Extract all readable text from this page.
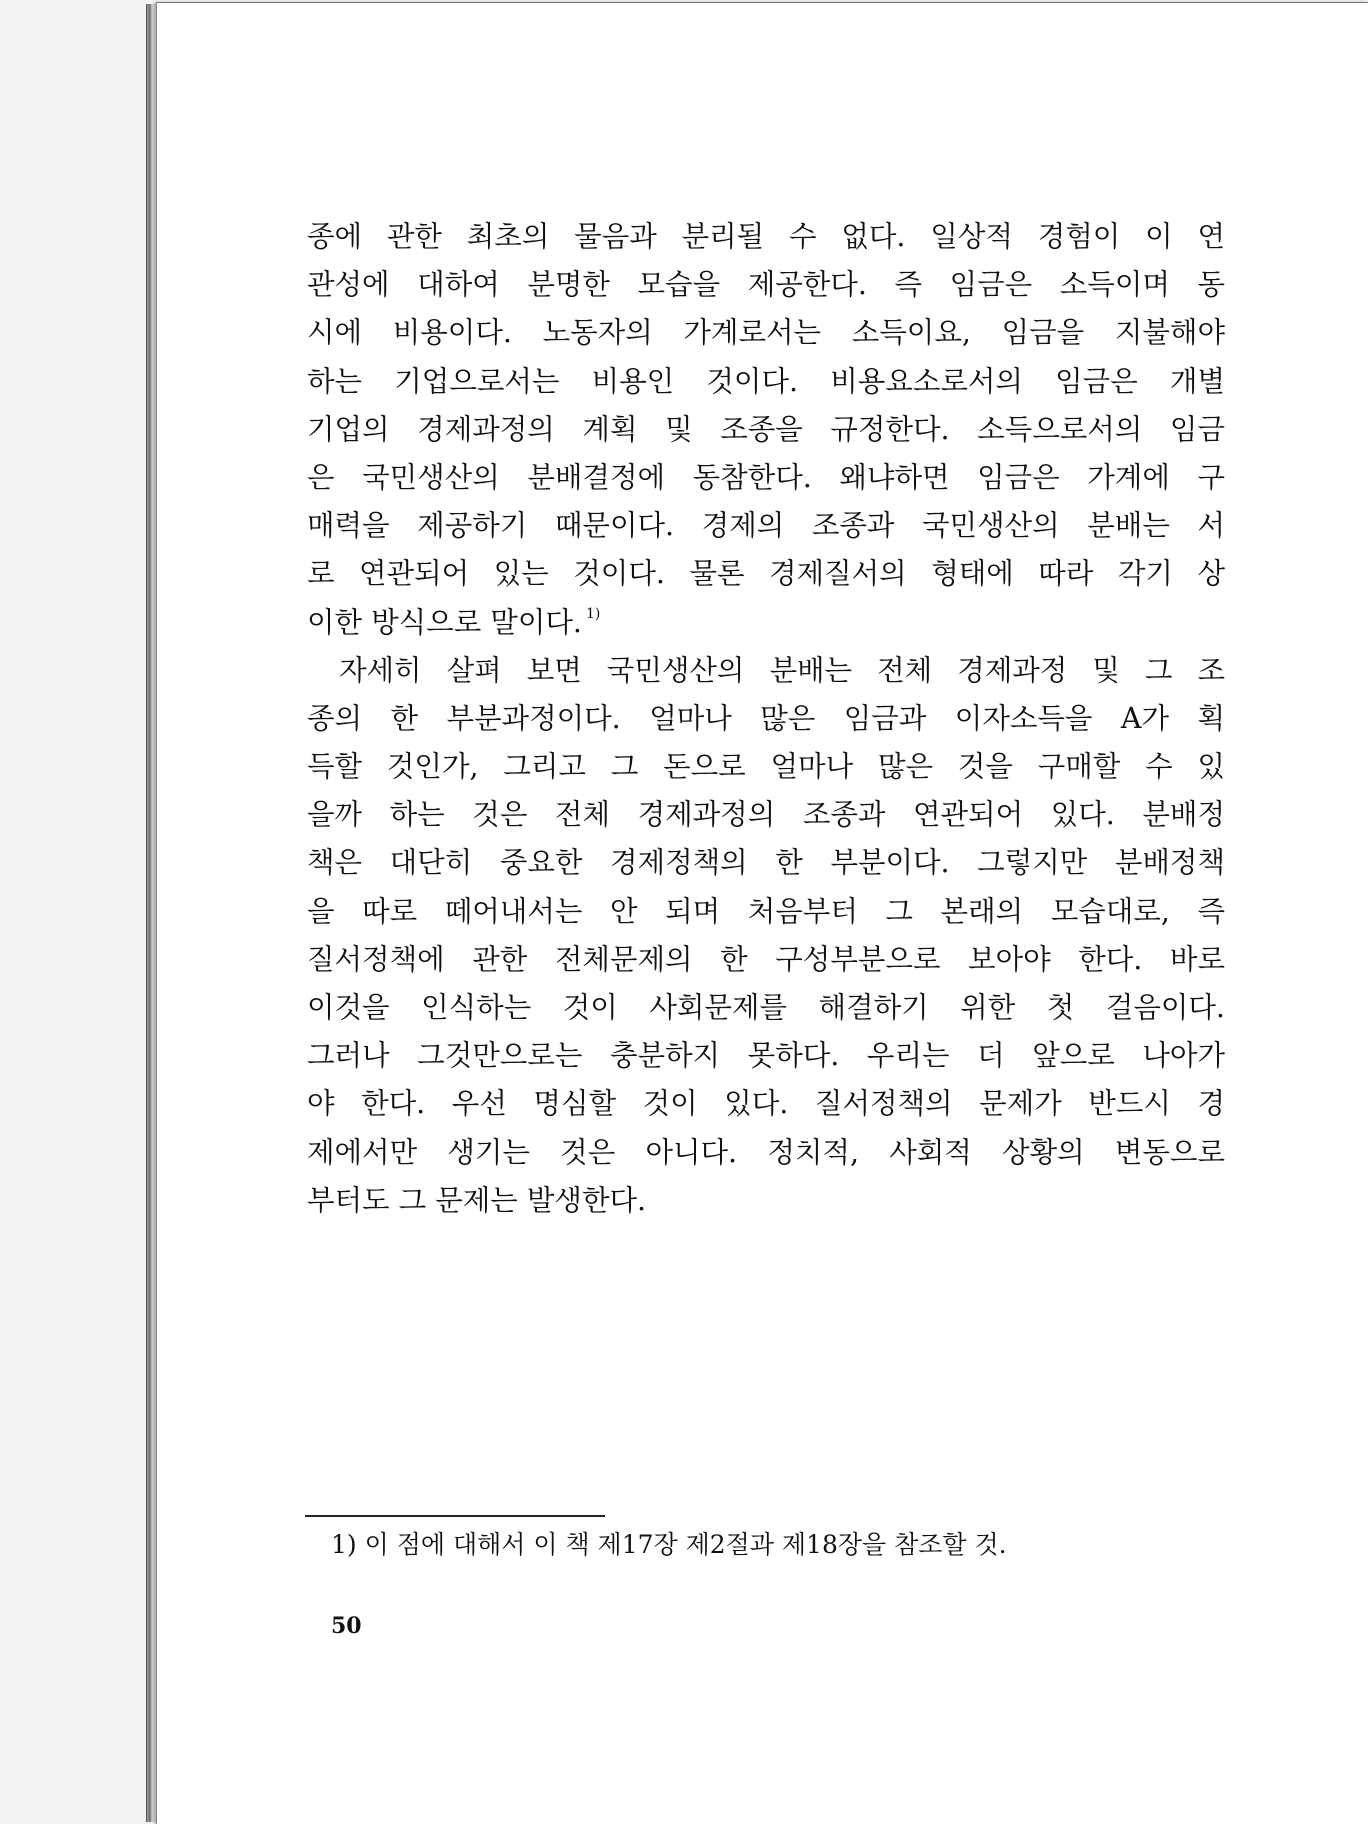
종에 관한 최초의 물음과 분리될 수 없다. 일상적 경험이 이 연
관성에 대하여 분명한 모습을 제공한다. 즉 임금은 소득이며 동
시에 비용이다. 노동자의 가계로서는 소득이요, 임금을 지불해야
하는 기업으로서는 비용인 것이다. 비용요소로서의 임금은 개별
기업의 경제과정의 계획 및 조종을 규정한다. 소득으로서의 임금
은 국민생산의 분배결정에 동참한다. 왜냐하면 임금은 가계에 구
매력을 제공하기 때문이다. 경제의 조종과 국민생산의 분배는 서
로 연관되어 있는 것이다. 물론 경제질서의 형태에 따라 각기 상
이한 방식으로 말이다. $^{1)}$
자세히 살펴 보면 국민생산의 분배는 전체 경제과정 및 그 조
종의 한 부분과정이다. 얼마나 많은 임금과 이자소득을 A가 획
득할 것인가, 그리고 그 돈으로 얼마나 많은 것을 구매할 수 있
을까 하는 것은 전체 경제과정의 조종과 연관되어 있다. 분배정
책은 대단히 중요한 경제정책의 한 부분이다. 그렇지만 분배정책
을 따로 떼어내서는 안 되며 처음부터 그 본래의 모습대로, 즉
질서정책에 관한 전체문제의 한 구성부분으로 보아야 한다. 바로
이것을 인식하는 것이 사회문제를 해결하기 위한 첫 걸음이다.
그러나 그것만으로는 충분하지 못하다. 우리는 더 앞으로 나아가
야 한다. 우선 명심할 것이 있다. 질서정책의 문제가 반드시 경
제에서만 생기는 것은 아니다. 정치적, 사회적 상황의 변동으로
부터도 그 문제는 발생한다.
1) 이 점에 대해서 이 책 제17장 제2절과 제18장을 참조할 것.
50
